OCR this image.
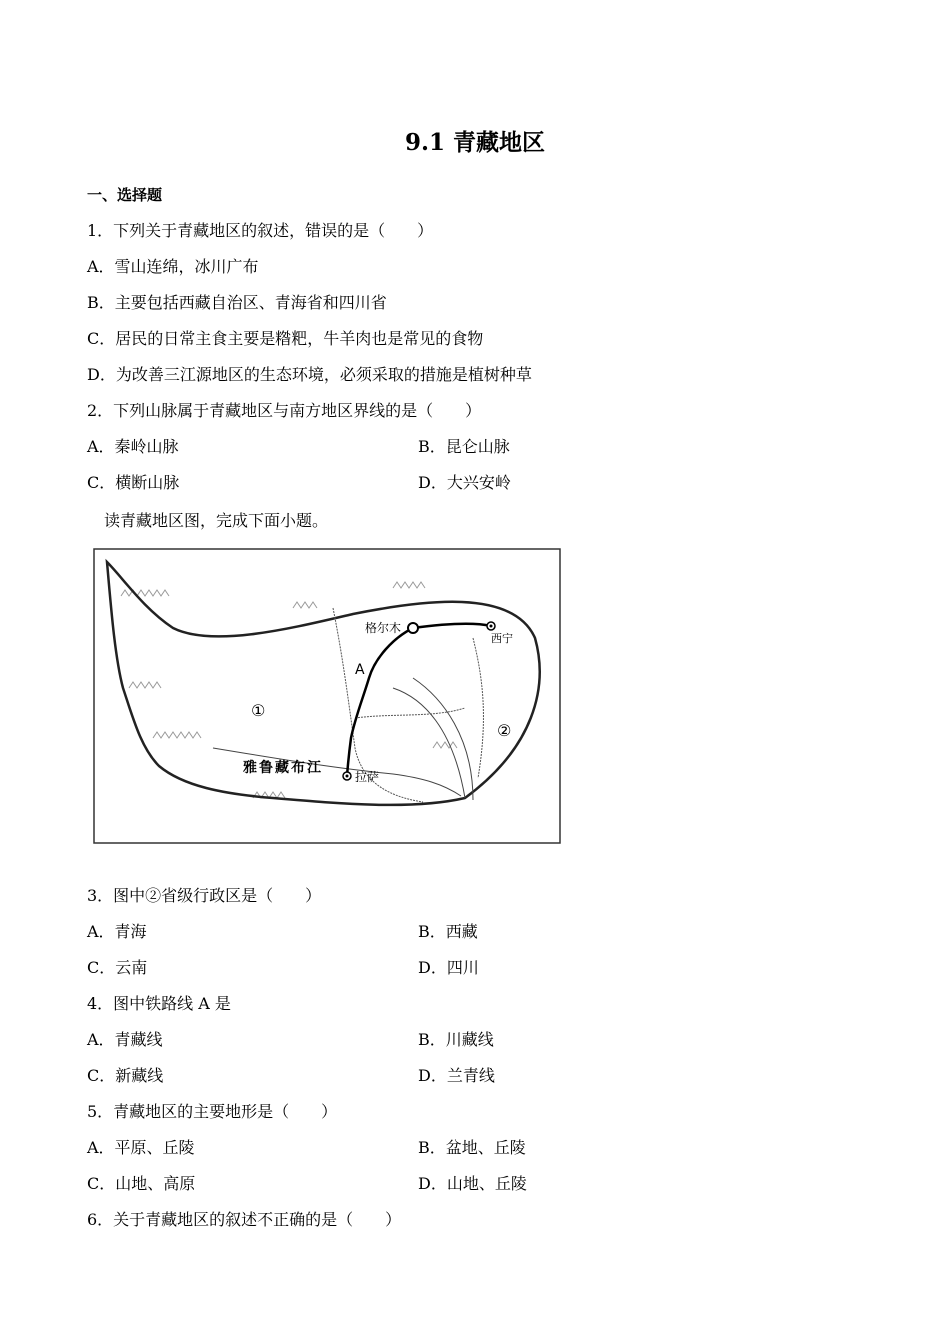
9.1 青藏地区
一、选择题
1．下列关于青藏地区的叙述，错误的是（　　）
A．雪山连绵，冰川广布
B．主要包括西藏自治区、青海省和四川省
C．居民的日常主食主要是糌粑，牛羊肉也是常见的食物
D．为改善三江源地区的生态环境，必须采取的措施是植树种草
2．下列山脉属于青藏地区与南方地区界线的是（　　）
A．秦岭山脉	B．昆仑山脉
C．横断山脉	D．大兴安岭
读青藏地区图，完成下面小题。
格尔木
西宁
拉萨
雅鲁藏布江
A
①
②
3．图中②省级行政区是（　　）
A．青海	B．西藏
C．云南	D．四川
4．图中铁路线 A 是
A．青藏线	B．川藏线
C．新藏线	D．兰青线
5．青藏地区的主要地形是（　　）
A．平原、丘陵	B．盆地、丘陵
C．山地、高原	D．山地、丘陵
6．关于青藏地区的叙述不正确的是（　　）
